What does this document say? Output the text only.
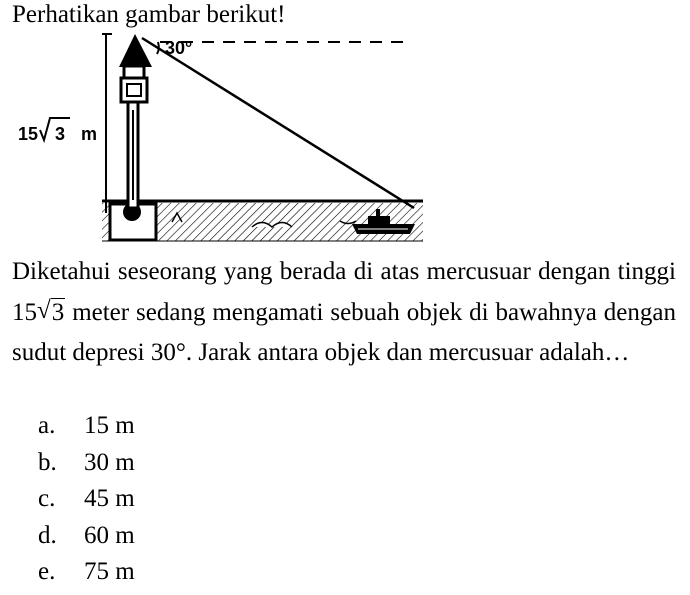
Perhatikan gambar berikut!
30°
15 3 m
Diketahui seseorang yang berada di atas mercusuar dengan tinggi 15 √ 3 meter sedang mengamati sebuah objek di bawahnya dengan sudut depresi 30°. Jarak antara objek dan mercusuar adalah…
a. 15 m
b. 30 m
c. 45 m
d. 60 m
e. 75 m
